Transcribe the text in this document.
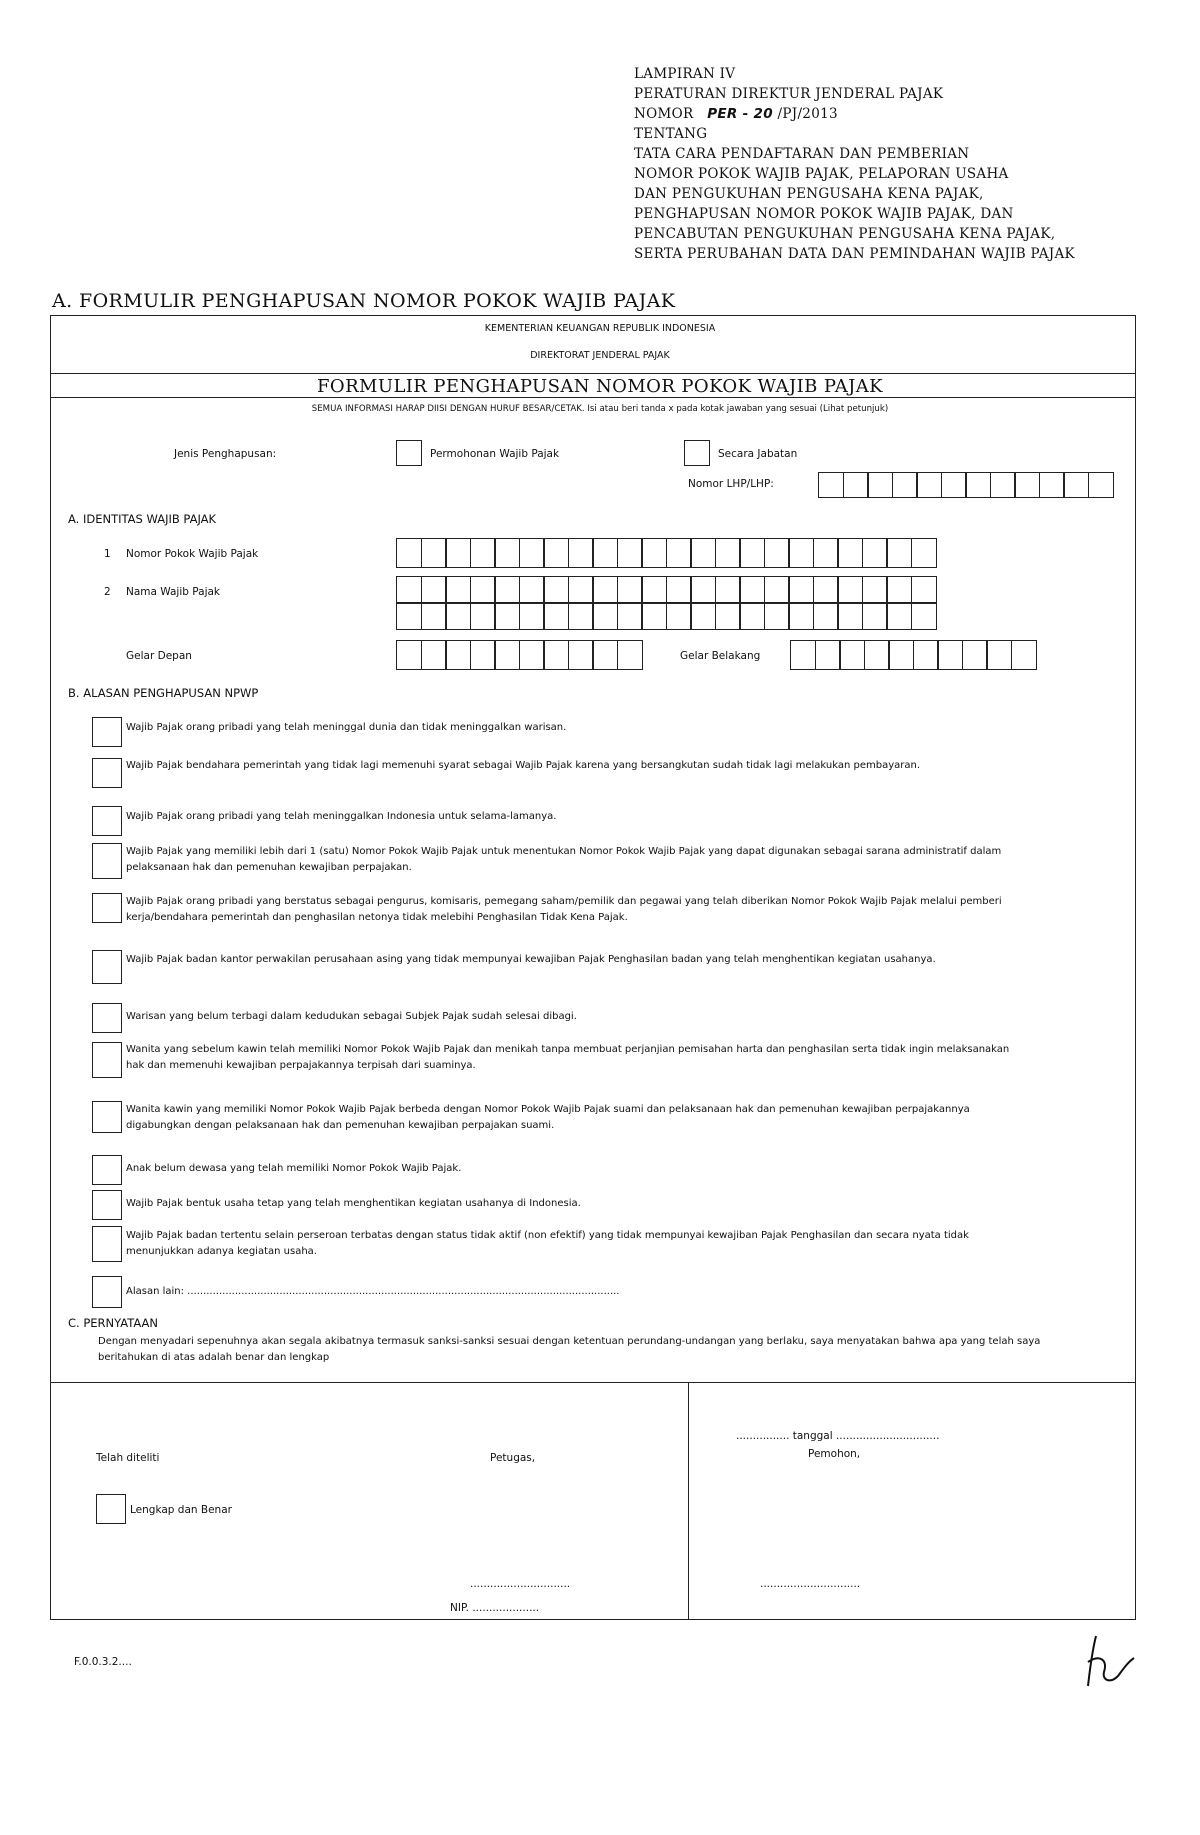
LAMPIRAN IV
PERATURAN DIREKTUR JENDERAL PAJAK
NOMOR PER - 20 /PJ/2013
TENTANG
TATA CARA PENDAFTARAN DAN PEMBERIAN
NOMOR POKOK WAJIB PAJAK, PELAPORAN USAHA
DAN PENGUKUHAN PENGUSAHA KENA PAJAK,
PENGHAPUSAN NOMOR POKOK WAJIB PAJAK, DAN
PENCABUTAN PENGUKUHAN PENGUSAHA KENA PAJAK,
SERTA PERUBAHAN DATA DAN PEMINDAHAN WAJIB PAJAK
A. FORMULIR PENGHAPUSAN NOMOR POKOK WAJIB PAJAK
KEMENTERIAN KEUANGAN REPUBLIK INDONESIA
DIREKTORAT JENDERAL PAJAK
FORMULIR PENGHAPUSAN NOMOR POKOK WAJIB PAJAK
SEMUA INFORMASI HARAP DIISI DENGAN HURUF BESAR/CETAK. Isi atau beri tanda x pada kotak jawaban yang sesuai (Lihat petunjuk)
Jenis Penghapusan:	Permohonan Wajib Pajak	Secara Jabatan
Nomor LHP/LHP:
A. IDENTITAS WAJIB PAJAK
1 Nomor Pokok Wajib Pajak
2 Nama Wajib Pajak
Gelar Depan	Gelar Belakang
B. ALASAN PENGHAPUSAN NPWP
Wajib Pajak orang pribadi yang telah meninggal dunia dan tidak meninggalkan warisan.
Wajib Pajak bendahara pemerintah yang tidak lagi memenuhi syarat sebagai Wajib Pajak karena yang bersangkutan sudah tidak lagi melakukan pembayaran.
Wajib Pajak orang pribadi yang telah meninggalkan Indonesia untuk selama-lamanya.
Wajib Pajak yang memiliki lebih dari 1 (satu) Nomor Pokok Wajib Pajak untuk menentukan Nomor Pokok Wajib Pajak yang dapat digunakan sebagai sarana administratif dalam pelaksanaan hak dan pemenuhan kewajiban perpajakan.
Wajib Pajak orang pribadi yang berstatus sebagai pengurus, komisaris, pemegang saham/pemilik dan pegawai yang telah diberikan Nomor Pokok Wajib Pajak melalui pemberi kerja/bendahara pemerintah dan penghasilan netonya tidak melebihi Penghasilan Tidak Kena Pajak.
Wajib Pajak badan kantor perwakilan perusahaan asing yang tidak mempunyai kewajiban Pajak Penghasilan badan yang telah menghentikan kegiatan usahanya.
Warisan yang belum terbagi dalam kedudukan sebagai Subjek Pajak sudah selesai dibagi.
Wanita yang sebelum kawin telah memiliki Nomor Pokok Wajib Pajak dan menikah tanpa membuat perjanjian pemisahan harta dan penghasilan serta tidak ingin melaksanakan hak dan memenuhi kewajiban perpajakannya terpisah dari suaminya.
Wanita kawin yang memiliki Nomor Pokok Wajib Pajak berbeda dengan Nomor Pokok Wajib Pajak suami dan pelaksanaan hak dan pemenuhan kewajiban perpajakannya digabungkan dengan pelaksanaan hak dan pemenuhan kewajiban perpajakan suami.
Anak belum dewasa yang telah memiliki Nomor Pokok Wajib Pajak.
Wajib Pajak bentuk usaha tetap yang telah menghentikan kegiatan usahanya di Indonesia.
Wajib Pajak badan tertentu selain perseroan terbatas dengan status tidak aktif (non efektif) yang tidak mempunyai kewajiban Pajak Penghasilan dan secara nyata tidak menunjukkan adanya kegiatan usaha.
Alasan lain: ........................................................................................................................................
C. PERNYATAAN
Dengan menyadari sepenuhnya akan segala akibatnya termasuk sanksi-sanksi sesuai dengan ketentuan perundang-undangan yang berlaku, saya menyatakan bahwa apa yang telah saya beritahukan di atas adalah benar dan lengkap
Telah diteliti
Lengkap dan Benar
Petugas,
................ tanggal ...............................
Pemohon,
..............................
NIP. ....................
..............................
F.0.0.3.2....
